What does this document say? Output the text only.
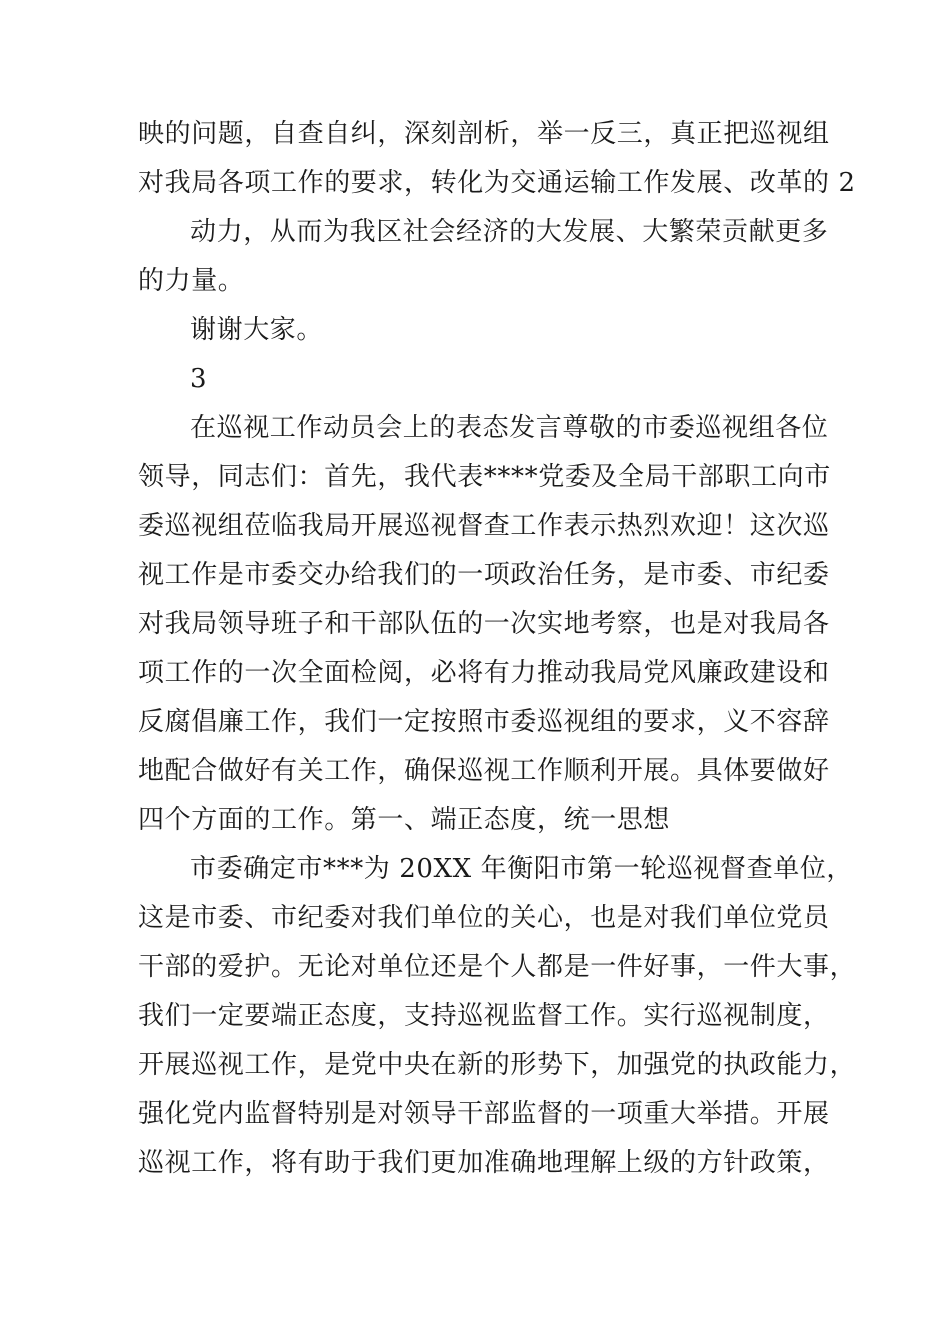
映的问题，自查自纠，深刻剖析，举一反三，真正把巡视组
对我局各项工作的要求，转化为交通运输工作发展、改革的 2
动力，从而为我区社会经济的大发展、大繁荣贡献更多
的力量。
谢谢大家。
3
在巡视工作动员会上的表态发言尊敬的市委巡视组各位
领导，同志们：首先，我代表****党委及全局干部职工向市
委巡视组莅临我局开展巡视督查工作表示热烈欢迎！这次巡
视工作是市委交办给我们的一项政治任务，是市委、市纪委
对我局领导班子和干部队伍的一次实地考察，也是对我局各
项工作的一次全面检阅，必将有力推动我局党风廉政建设和
反腐倡廉工作，我们一定按照市委巡视组的要求，义不容辞
地配合做好有关工作，确保巡视工作顺利开展。具体要做好
四个方面的工作。第一、端正态度，统一思想
市委确定市***为 20XX 年衡阳市第一轮巡视督查单位，
这是市委、市纪委对我们单位的关心，也是对我们单位党员
干部的爱护。无论对单位还是个人都是一件好事，一件大事，
我们一定要端正态度，支持巡视监督工作。实行巡视制度，
开展巡视工作，是党中央在新的形势下，加强党的执政能力，
强化党内监督特别是对领导干部监督的一项重大举措。开展
巡视工作，将有助于我们更加准确地理解上级的方针政策，
